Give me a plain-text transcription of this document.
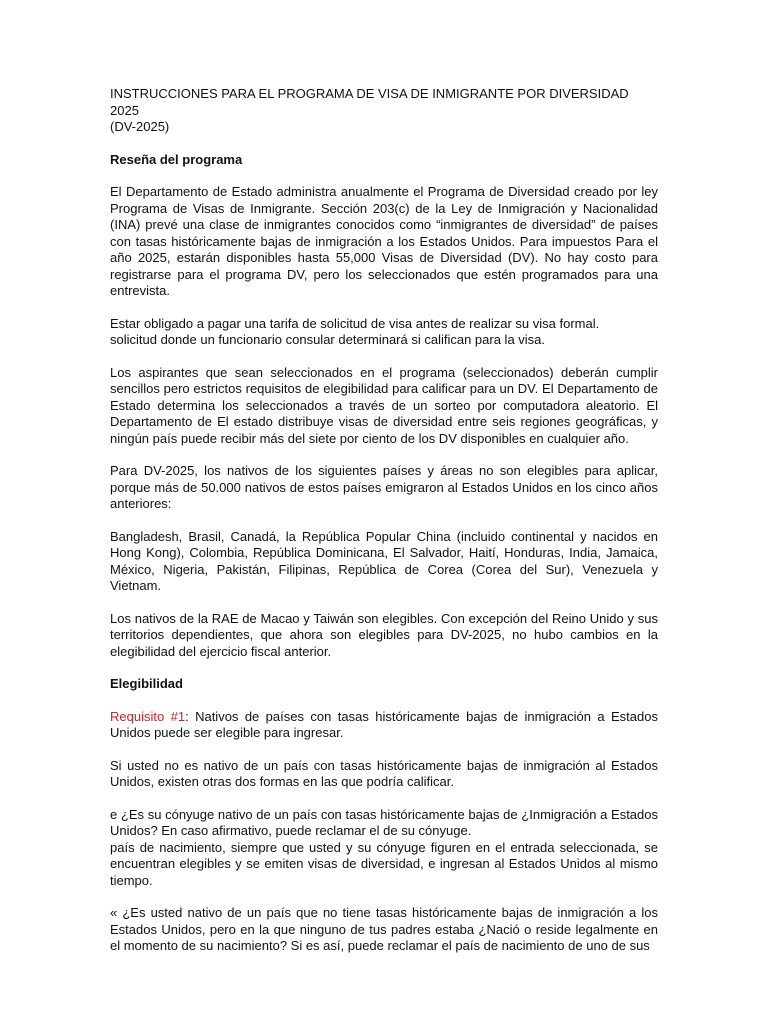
INSTRUCCIONES PARA EL PROGRAMA DE VISA DE INMIGRANTE POR DIVERSIDAD 2025
(DV-2025)
Reseña del programa

El Departamento de Estado administra anualmente el Programa de Diversidad creado por ley Programa de Visas de Inmigrante. Sección 203(c) de la Ley de Inmigración y Nacionalidad (INA) prevé una clase de inmigrantes conocidos como “inmigrantes de diversidad” de países con tasas históricamente bajas de inmigración a los Estados Unidos. Para impuestos Para el año 2025, estarán disponibles hasta 55,000 Visas de Diversidad (DV). No hay costo para registrarse para el programa DV, pero los seleccionados que estén programados para una entrevista.

Estar obligado a pagar una tarifa de solicitud de visa antes de realizar su visa formal.
solicitud donde un funcionario consular determinará si califican para la visa.

Los aspirantes que sean seleccionados en el programa (seleccionados) deberán cumplir sencillos pero estrictos requisitos de elegibilidad para calificar para un DV. El Departamento de Estado determina los seleccionados a través de un sorteo por computadora aleatorio. El Departamento de El estado distribuye visas de diversidad entre seis regiones geográficas, y ningún país puede recibir más del siete por ciento de los DV disponibles en cualquier año.

Para DV-2025, los nativos de los siguientes países y áreas no son elegibles para aplicar, porque más de 50.000 nativos de estos países emigraron al Estados Unidos en los cinco años anteriores:

Bangladesh, Brasil, Canadá, la República Popular China (incluido continental y nacidos en Hong Kong), Colombia, República Dominicana, El Salvador, Haití, Honduras, India, Jamaica, México, Nigeria, Pakistán, Filipinas, República de Corea (Corea del Sur), Venezuela y Vietnam.

Los nativos de la RAE de Macao y Taiwán son elegibles. Con excepción del Reino Unido y sus territorios dependientes, que ahora son elegibles para DV-2025, no hubo cambios en la elegibilidad del ejercicio fiscal anterior.

Elegibilidad

Requisito #1: Nativos de países con tasas históricamente bajas de inmigración a Estados Unidos puede ser elegible para ingresar.

Si usted no es nativo de un país con tasas históricamente bajas de inmigración al Estados Unidos, existen otras dos formas en las que podría calificar.

e ¿Es su cónyuge nativo de un país con tasas históricamente bajas de ¿Inmigración a Estados Unidos? En caso afirmativo, puede reclamar el de su cónyuge.
país de nacimiento, siempre que usted y su cónyuge figuren en el entrada seleccionada, se encuentran elegibles y se emiten visas de diversidad, e ingresan al Estados Unidos al mismo tiempo.

« ¿Es usted nativo de un país que no tiene tasas históricamente bajas de inmigración a los Estados Unidos, pero en la que ninguno de tus padres estaba ¿Nació o reside legalmente en el momento de su nacimiento? Si es así, puede reclamar el país de nacimiento de uno de sus
